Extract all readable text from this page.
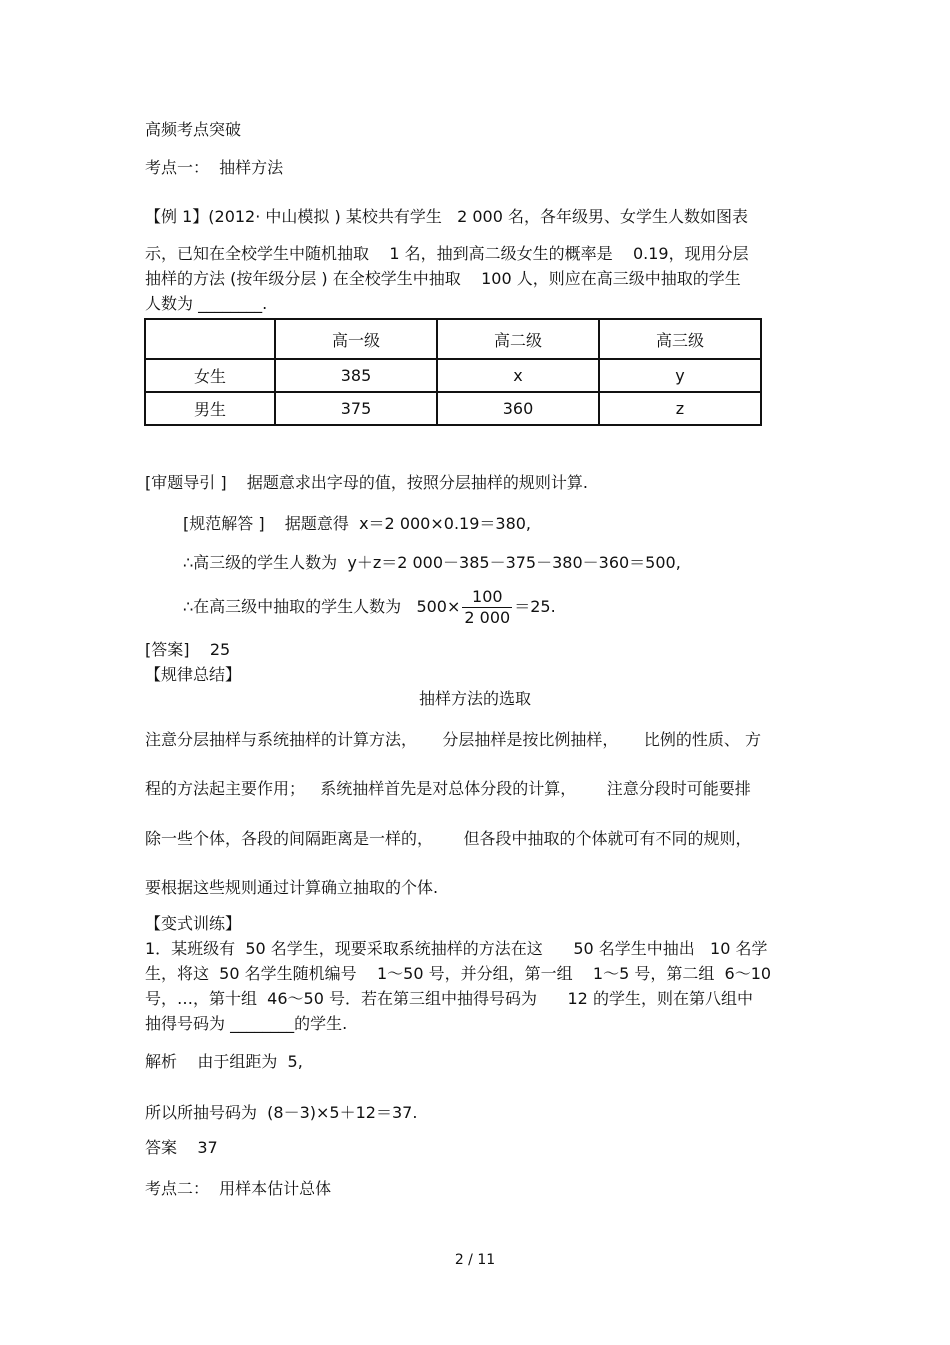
高频考点突破
考点一：  抽样方法
【例 1】(2012· 中山模拟 ) 某校共有学生   2 000 名，各年级男、女学生人数如图表
示，已知在全校学生中随机抽取    1 名，抽到高二级女生的概率是    0.19，现用分层
抽样的方法 (按年级分层 ) 在全校学生中抽取    100 人，则应在高三级中抽取的学生
人数为 ________.
	高一级	高二级	高三级
女生	385	x	y
男生	375	360	z
[审题导引 ]    据题意求出字母的值，按照分层抽样的规则计算.
[规范解答 ]    据题意得  x＝2 000×0.19＝380,
∴高三级的学生人数为  y＋z＝2 000－385－375－380－360＝500,
∴在高三级中抽取的学生人数为   $500\times \frac{100}{2 000} =25$.
[答案]    25
【规律总结】
抽样方法的选取
注意分层抽样与系统抽样的计算方法，     分层抽样是按比例抽样，     比例的性质、 方
程的方法起主要作用；   系统抽样首先是对总体分段的计算，      注意分段时可能要排
除一些个体，各段的间隔距离是一样的，      但各段中抽取的个体就可有不同的规则，
要根据这些规则通过计算确立抽取的个体.
【变式训练】
1．某班级有  50 名学生，现要采取系统抽样的方法在这      50 名学生中抽出   10 名学
生，将这  50 名学生随机编号    1～50 号，并分组，第一组    1～5 号，第二组  6～10
号，…，第十组  46～50 号．若在第三组中抽得号码为      12 的学生，则在第八组中
抽得号码为 ________的学生.
解析    由于组距为  5,
所以所抽号码为  (8－3)×5＋12＝37.
答案    37
考点二：  用样本估计总体
2 / 11
